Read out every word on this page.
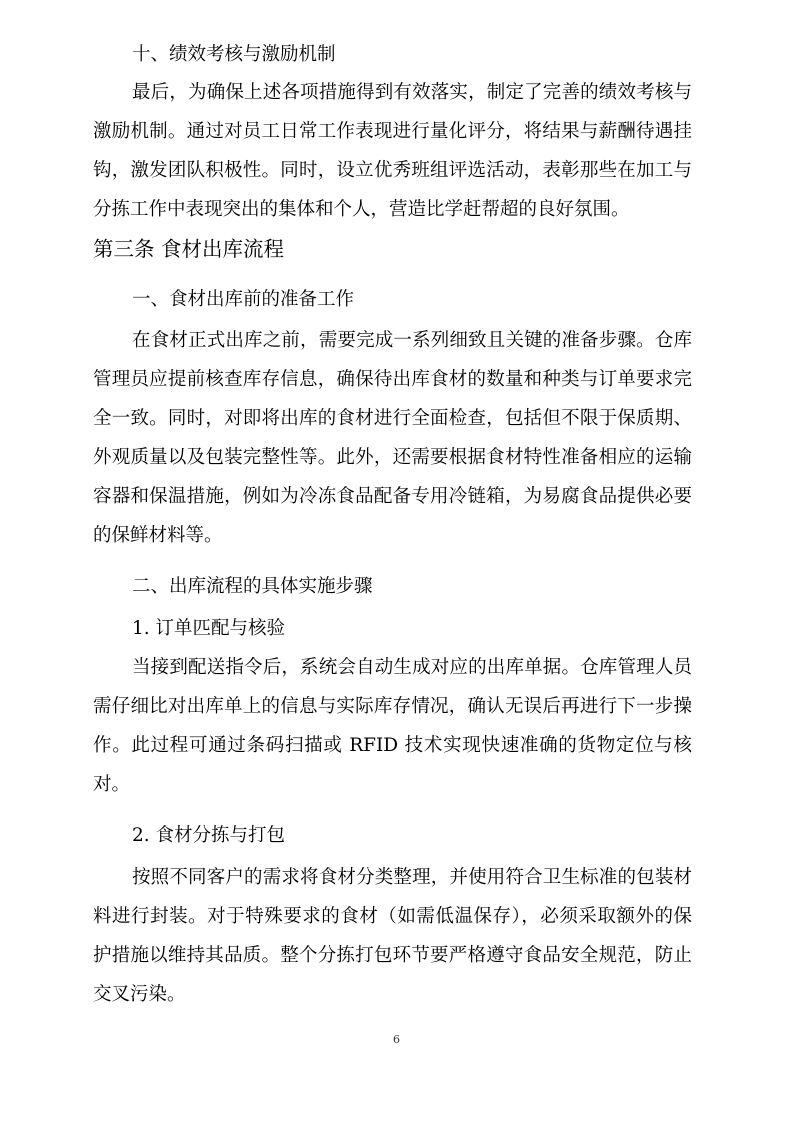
十、绩效考核与激励机制

最后，为确保上述各项措施得到有效落实，制定了完善的绩效考核与

激励机制。通过对员工日常工作表现进行量化评分，将结果与薪酬待遇挂

钩，激发团队积极性。同时，设立优秀班组评选活动，表彰那些在加工与

分拣工作中表现突出的集体和个人，营造比学赶帮超的良好氛围。

第三条 食材出库流程

一、食材出库前的准备工作

在食材正式出库之前，需要完成一系列细致且关键的准备步骤。仓库

管理员应提前核查库存信息，确保待出库食材的数量和种类与订单要求完

全一致。同时，对即将出库的食材进行全面检查，包括但不限于保质期、

外观质量以及包装完整性等。此外，还需要根据食材特性准备相应的运输

容器和保温措施，例如为冷冻食品配备专用冷链箱，为易腐食品提供必要

的保鲜材料等。

二、出库流程的具体实施步骤

1. 订单匹配与核验

当接到配送指令后，系统会自动生成对应的出库单据。仓库管理人员

需仔细比对出库单上的信息与实际库存情况，确认无误后再进行下一步操

作。此过程可通过条码扫描或 RFID 技术实现快速准确的货物定位与核

对。

2. 食材分拣与打包

按照不同客户的需求将食材分类整理，并使用符合卫生标准的包装材

料进行封装。对于特殊要求的食材（如需低温保存），必须采取额外的保

护措施以维持其品质。整个分拣打包环节要严格遵守食品安全规范，防止

交叉污染。

6
